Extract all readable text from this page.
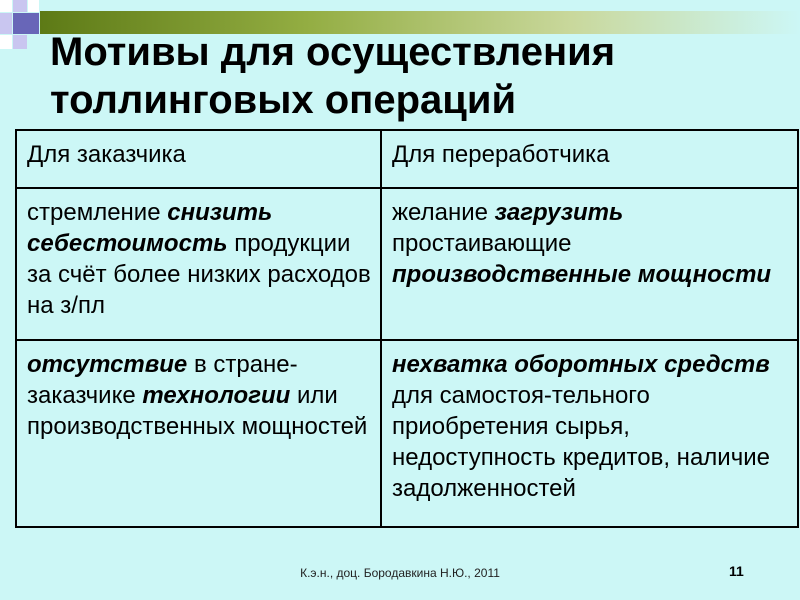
Мотивы для осуществления
толлинговых операций
Для заказчика	Для переработчика
стремление снизить себестоимость продукции за счёт более низких расходов на з/пл	желание загрузить простаивающие производственные мощности
отсутствие в стране-заказчике технологии или производственных мощностей	нехватка оборотных средств для самостоя-тельного приобретения сырья, недоступность кредитов, наличие задолженностей
К.э.н., доц. Бородавкина Н.Ю., 2011	11
